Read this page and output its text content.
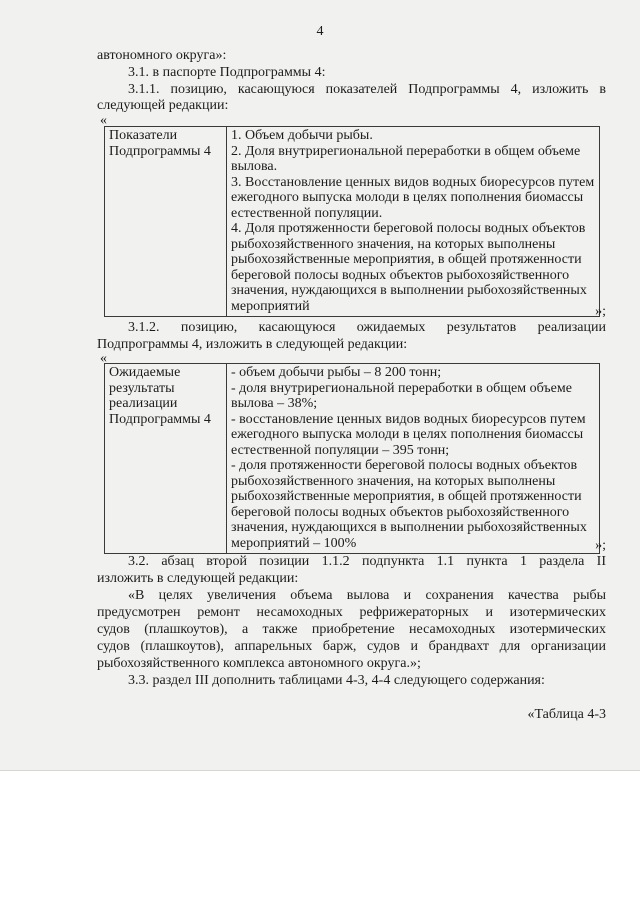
4
автономного округа»:
3.1. в паспорте Подпрограммы 4:
3.1.1. позицию, касающуюся показателей Подпрограммы 4, изложить в
следующей редакции:
«
Показатели
Подпрограммы 4

1. Объем добычи рыбы.
2. Доля внутрирегиональной переработки в общем объеме вылова.
3. Восстановление ценных видов водных биоресурсов путем ежегодного выпуска молоди в целях пополнения биомассы естественной популяции.
4. Доля протяженности береговой полосы водных объектов рыбохозяйственного значения, на которых выполнены рыбохозяйственные мероприятия, в общей протяженности береговой полосы водных объектов рыбохозяйственного значения, нуждающихся в выполнении рыбохозяйственных мероприятий	»;
3.1.2. позицию, касающуюся ожидаемых результатов реализации
Подпрограммы 4, изложить в следующей редакции:
«
Ожидаемые
результаты
реализации
Подпрограммы 4

- объем добычи рыбы – 8 200 тонн;
- доля внутрирегиональной переработки в общем объеме вылова – 38%;
- восстановление ценных видов водных биоресурсов путем ежегодного выпуска молоди в целях пополнения биомассы естественной популяции – 395 тонн;
- доля протяженности береговой полосы водных объектов рыбохозяйственного значения, на которых выполнены рыбохозяйственные мероприятия, в общей протяженности береговой полосы водных объектов рыбохозяйственного значения, нуждающихся в выполнении рыбохозяйственных мероприятий – 100%	»;
3.2. абзац второй позиции 1.1.2 подпункта 1.1 пункта 1 раздела II
изложить в следующей редакции:
«В целях увеличения объема вылова и сохранения качества рыбы
предусмотрен ремонт несамоходных рефрижераторных и изотермических
судов (плашкоутов), а также приобретение несамоходных изотермических
судов (плашкоутов), аппарельных барж, судов и брандвахт для организации
рыбохозяйственного комплекса автономного округа.»;
3.3. раздел III дополнить таблицами 4-3, 4-4 следующего содержания:
«Таблица 4-3
